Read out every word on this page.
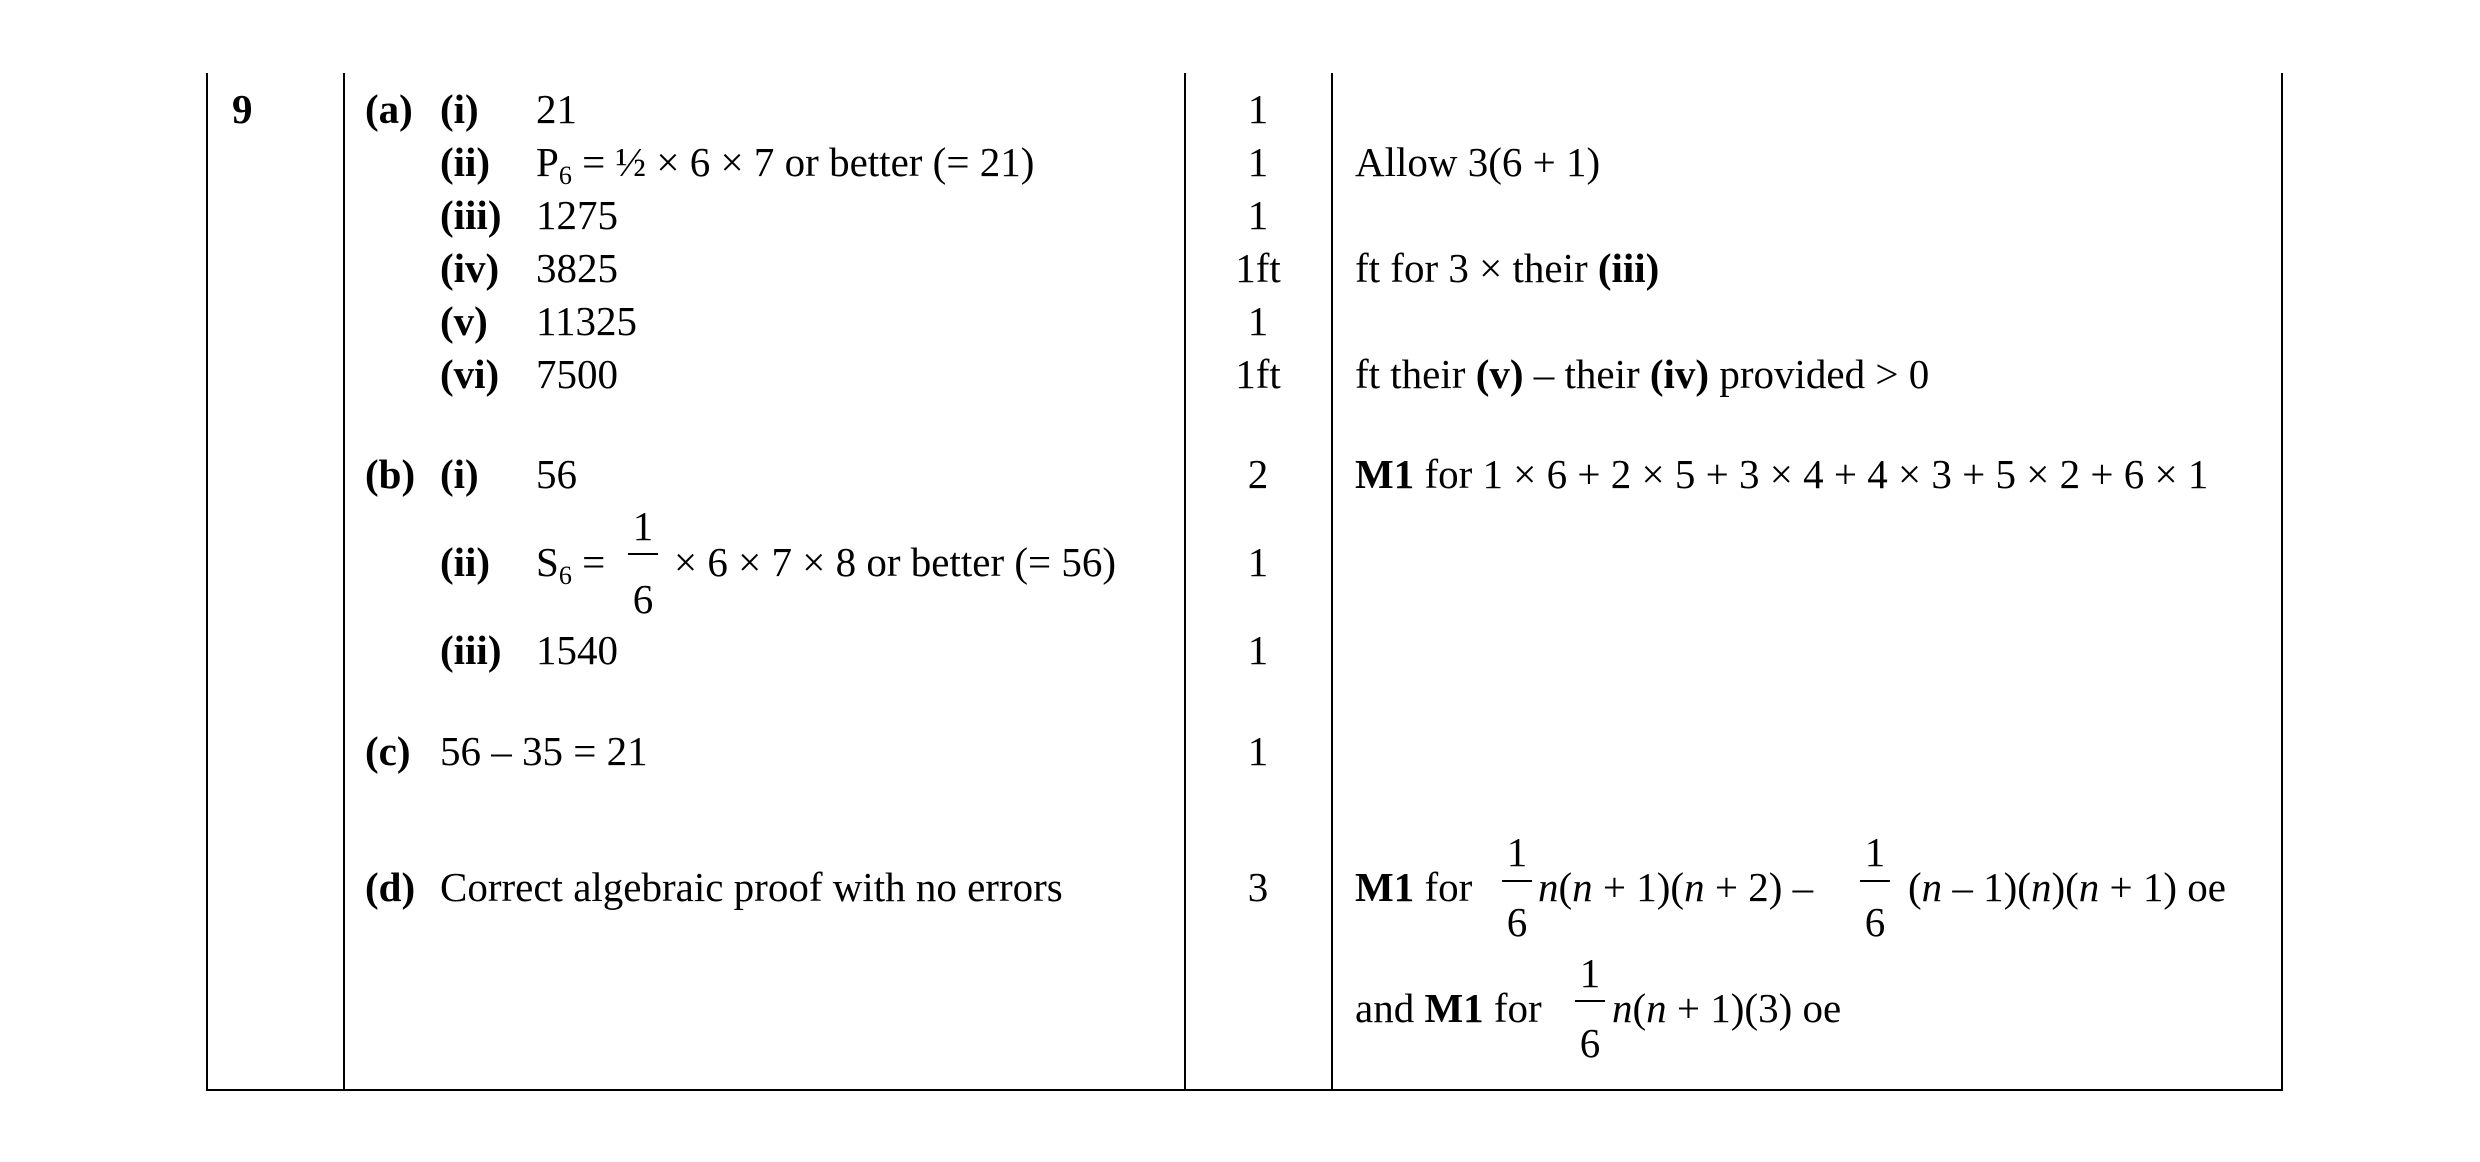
9	(a) (i) 21	1
(ii) $P_6$ = ½ × 6 × 7 or better (= 21)	1	Allow 3(6 + 1)
(iii) 1275	1
(iv) 3825	1ft	ft for 3 × their (iii)
(v) 11325	1
(vi) 7500	1ft	ft their (v) – their (iv) provided > 0
(b) (i) 56	2	M1 for 1 × 6 + 2 × 5 + 3 × 4 + 4 × 3 + 5 × 2 + 6 × 1
(ii) $S_6$ =
1
6
× 6 × 7 × 8 or better (= 56)	1
(iii) 1540	1
(c) 56 – 35 = 21	1
(d) Correct algebraic proof with no errors	3	M1 for
1
6
n(n + 1)(n + 2) –
1
6
(n – 1)(n)(n + 1) oe
and M1 for
1
6
n(n + 1)(3) oe
